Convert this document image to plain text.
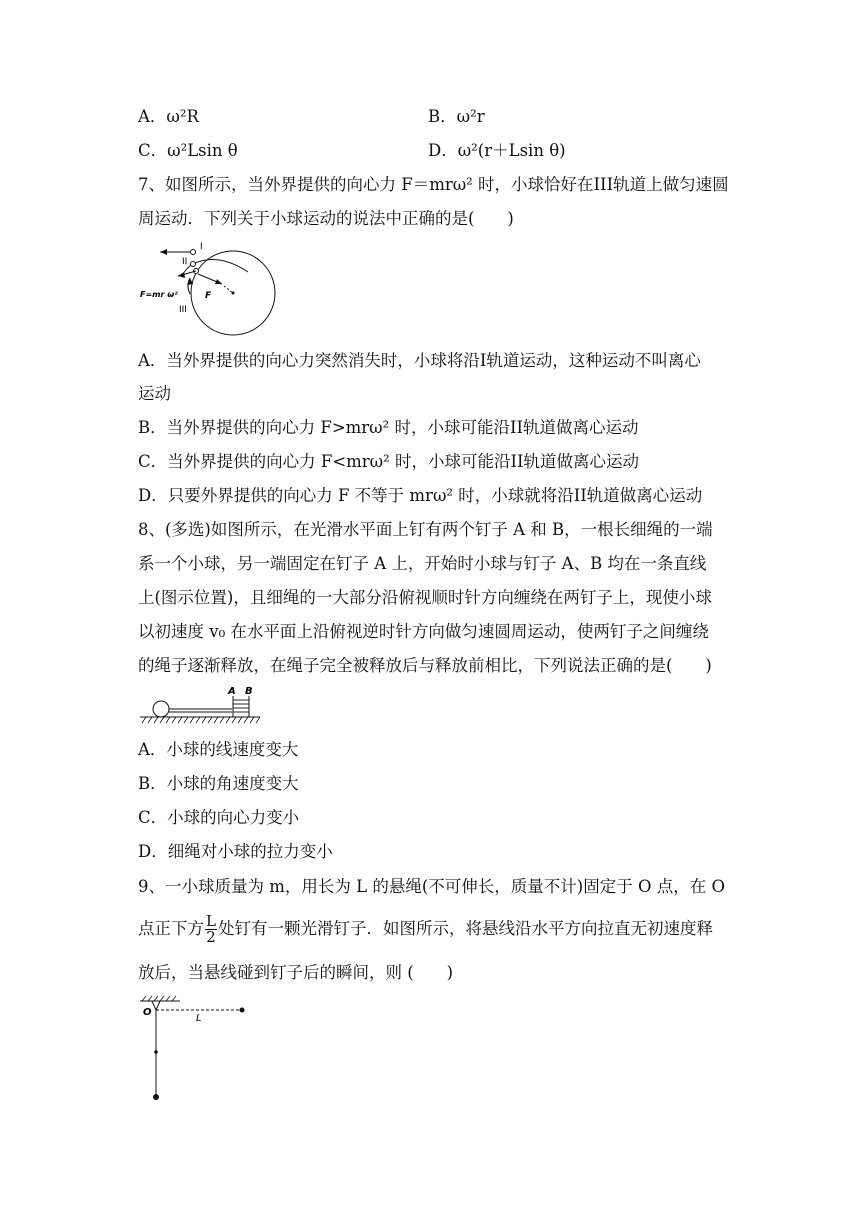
A．ω²R	B．ω²r
C．ω²Lsin θ	D．ω²(r＋Lsin θ)
7、如图所示，当外界提供的向心力 F＝mrω² 时，小球恰好在III轨道上做匀速圆
周运动．下列关于小球运动的说法中正确的是(　　)
I
II
F
F=mr ω²
III
A．当外界提供的向心力突然消失时，小球将沿I轨道运动，这种运动不叫离心
运动
B．当外界提供的向心力 F>mrω² 时，小球可能沿II轨道做离心运动
C．当外界提供的向心力 F<mrω² 时，小球可能沿II轨道做离心运动
D．只要外界提供的向心力 F 不等于 mrω² 时，小球就将沿II轨道做离心运动
8、(多选)如图所示，在光滑水平面上钉有两个钉子 A 和 B，一根长细绳的一端
系一个小球，另一端固定在钉子 A 上，开始时小球与钉子 A、B 均在一条直线
上(图示位置)，且细绳的一大部分沿俯视顺时针方向缠绕在两钉子上，现使小球
以初速度 v₀ 在水平面上沿俯视逆时针方向做匀速圆周运动，使两钉子之间缠绕
的绳子逐渐释放，在绳子完全被释放后与释放前相比，下列说法正确的是(　　)
A B
A．小球的线速度变大
B．小球的角速度变大
C．小球的向心力变小
D．细绳对小球的拉力变小
9、一小球质量为 m，用长为 L 的悬绳(不可伸长，质量不计)固定于 O 点，在 O
点正下方 $\frac{L}{2}$ 处钉有一颗光滑钉子．如图所示，将悬线沿水平方向拉直无初速度释
放后，当悬线碰到钉子后的瞬间，则 (　　)
O
L
